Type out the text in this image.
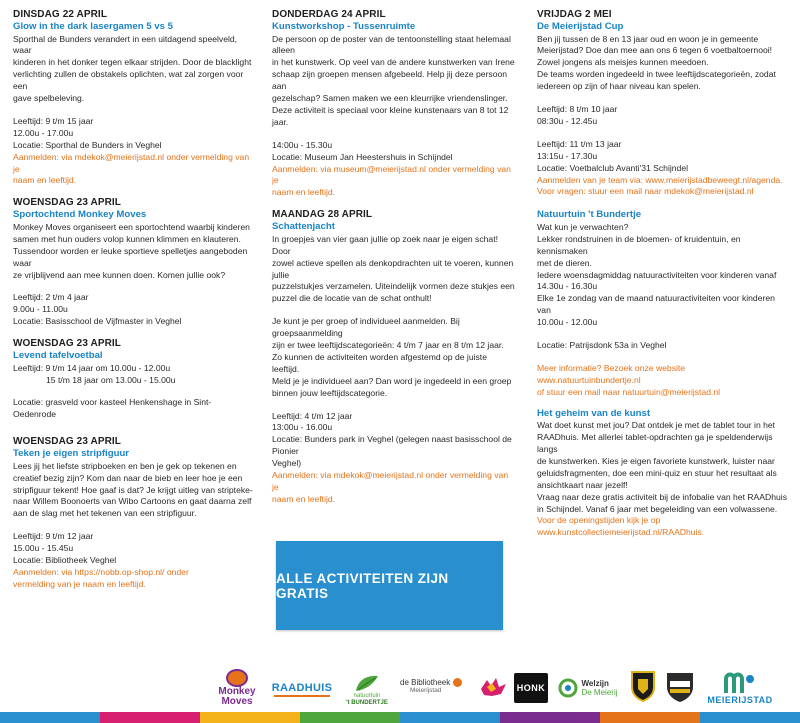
DINSDAG 22 APRIL
Glow in the dark lasergamen 5 vs 5
Sporthal de Bunders verandert in een uitdagend speelveld, waar
kinderen in het donker tegen elkaar strijden. Door de blacklight
verlichting zullen de obstakels oplichten, wat zal zorgen voor een
gave spelbeleving.
Leeftijd: 9 t/m 15 jaar
12.00u - 17.00u
Locatie: Sporthal de Bunders in Veghel
Aanmelden: via mdekok@meierijstad.nl onder vermelding van je
naam en leeftijd.
WOENSDAG 23 APRIL
Sportochtend Monkey Moves
Monkey Moves organiseert een sportochtend waarbij kinderen
samen met hun ouders volop kunnen klimmen en klauteren.
Tussendoor worden er leuke sportieve spelletjes aangeboden waar
ze vrijblijvend aan mee kunnen doen. Komen jullie ook?
Leeftijd: 2 t/m 4 jaar
9.00u - 11.00u
Locatie: Basisschool de Vijfmaster in Veghel
WOENSDAG 23 APRIL
Levend tafelvoetbal
Leeftijd: 9 t/m 14 jaar om 10.00u - 12.00u
15 t/m 18 jaar om 13.00u - 15.00u
Locatie: grasveld voor kasteel Henkenshage in Sint-Oedenrode
WOENSDAG 23 APRIL
Teken je eigen stripfiguur
Lees jij het liefste stripboeken en ben je gek op tekenen en
creatief bezig zijn? Kom dan naar de bieb en leer hoe je een
stripfiguur tekent! Hoe gaaf is dat? Je krijgt uitleg van stripteke-
naar Willem Boonoerts van Wibo Cartoons en gaat daarna zelf
aan de slag met het tekenen van een stripfiguur.
Leeftijd: 9 t/m 12 jaar
15.00u - 15.45u
Locatie: Bibliotheek Veghel
Aanmelden: via https://nobb.op-shop.nl/ onder
vermelding van je naam en leeftijd.
DONDERDAG 24 APRIL
Kunstworkshop - Tussenruimte
De persoon op de poster van de tentoonstelling staat helemaal alleen
in het kunstwerk. Op veel van de andere kunstwerken van Irene
schaap zijn groepen mensen afgebeeld. Help jij deze persoon aan
gezelschap? Samen maken we een kleurrijke vriendenslinger.
Deze activiteit is speciaal voor kleine kunstenaars van 8 tot 12 jaar.
14:00u - 15.30u
Locatie: Museum Jan Heestershuis in Schijndel
Aanmelden: via museum@meierijstad.nl onder vermelding van je
naam en leeftijd.
MAANDAG 28 APRIL
Schattenjacht
In groepjes van vier gaan jullie op zoek naar je eigen schat! Door
zowel actieve spellen als denkopdrachten uit te voeren, kunnen jullie
puzzelstukjes verzamelen. Uiteindelijk vormen deze stukjes een
puzzel die de locatie van de schat onthult!
Je kunt je per groep of individueel aanmelden. Bij groepsaanmelding
zijn er twee leeftijdscategorieën: 4 t/m 7 jaar en 8 t/m 12 jaar.
Zo kunnen de activiteiten worden afgestemd op de juiste leeftijd.
Meld je je individueel aan? Dan word je ingedeeld in een groep
binnen jouw leeftijdscategorie.
Leeftijd: 4 t/m 12 jaar
13:00u - 16.00u
Locatie: Bunders park in Veghel (gelegen naast basisschool de Pionier
Veghel)
Aanmelden: via mdekok@meierijstad.nl onder vermelding van je
naam en leeftijd.
ALLE ACTIVITEITEN ZIJN GRATIS
VRIJDAG 2 MEI
De Meierijstad Cup
Ben jij tussen de 8 en 13 jaar oud en woon je in gemeente
Meierijstad? Doe dan mee aan ons 6 tegen 6 voetbaltoernooi!
Zowel jongens als meisjes kunnen meedoen.
De teams worden ingedeeld in twee leeftijdscategorieën, zodat
iedereen op zijn of haar niveau kan spelen.
Leeftijd: 8 t/m 10 jaar
08:30u - 12.45u
Leeftijd: 11 t/m 13 jaar
13:15u - 17.30u
Locatie: Voetbalclub Avanti'31 Schijndel
Aanmelden van je team via: www.meierijstadbeweegt.nl/agenda.
Voor vragen: stuur een mail naar mdekok@meierijstad.nl
Natuurtuin 't Bundertje
Wat kun je verwachten?
Lekker rondstruinen in de bloemen- of kruidentuin, en kennismaken
met de dieren.
Iedere woensdagmiddag natuuractiviteiten voor kinderen vanaf
14.30u - 16.30u
Elke 1e zondag van de maand natuuractiviteiten voor kinderen van
10.00u - 12.00u
Locatie: Patrijsdonk 53a in Veghel
Meer informatie? Bezoek onze website www.natuurtuinbundertje.nl
of stuur een mail naar natuurtuin@meierijstad.nl
Het geheim van de kunst
Wat doet kunst met jou? Dat ontdek je met de tablet tour in het
RAADhuis. Met allerlei tablet-opdrachten ga je speldenderwijs langs
de kunstwerken. Kies je eigen favoriete kunstwerk, luister naar
geluidsfragmenten, doe een mini-quiz en stuur het resultaat als
ansichtkaart naar jezelf!
Vraag naar deze gratis activiteit bij de infobalie van het RAADhuis
in Schijndel. Vanaf 6 jaar met begeleiding van een volwassene.
Voor de openingstijden kijk je op
www.kunstcollectiemeierijstad.nl/RAADhuis.
Monkey
Moves
RAADHUIS
natuurtuin
't BUNDERTJE
de Bibliotheek
Meierijstad	HONK	Welzijn
De Meierij
MEIERIJSTAD
